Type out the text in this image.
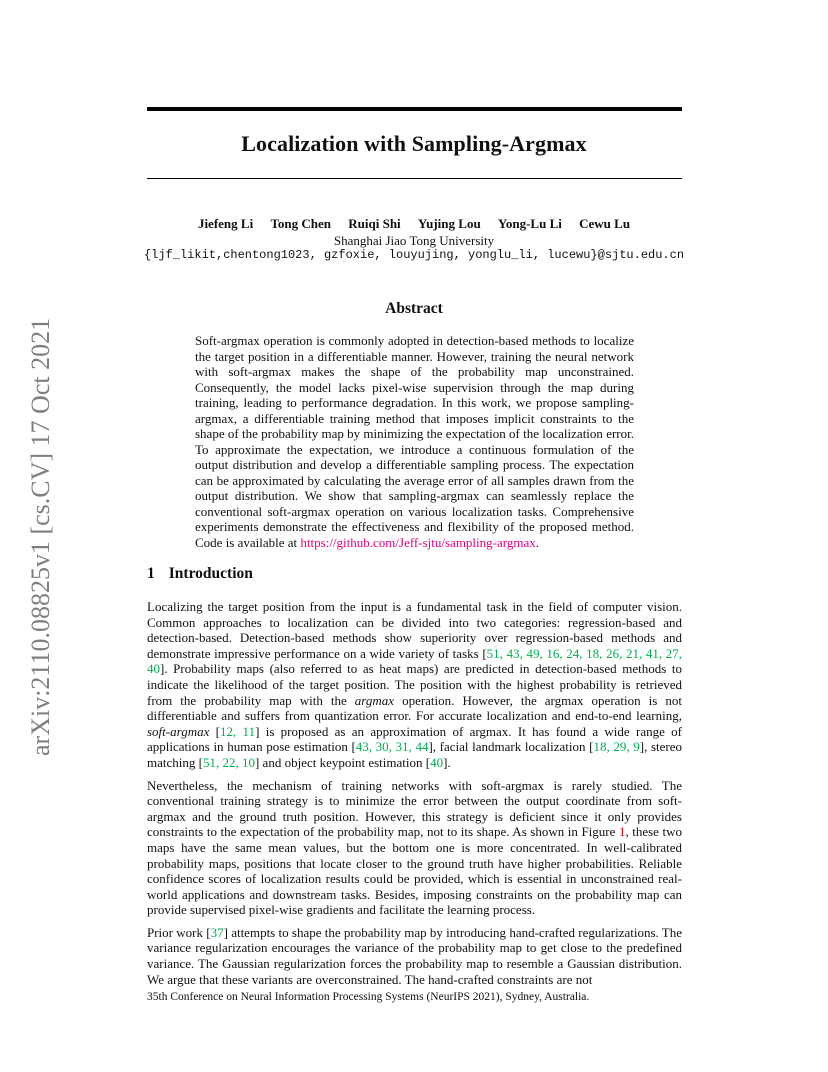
Localization with Sampling-Argmax
Jiefeng Li Tong Chen Ruiqi Shi Yujing Lou Yong-Lu Li Cewu Lu
Shanghai Jiao Tong University
{ljf_likit,chentong1023, gzfoxie, louyujing, yonglu_li, lucewu}@sjtu.edu.cn
arXiv:2110.08825v1 [cs.CV] 17 Oct 2021
Abstract
Soft-argmax operation is commonly adopted in detection-based methods to localize the target position in a differentiable manner. However, training the neural network with soft-argmax makes the shape of the probability map unconstrained. Consequently, the model lacks pixel-wise supervision through the map during training, leading to performance degradation. In this work, we propose sampling-argmax, a differentiable training method that imposes implicit constraints to the shape of the probability map by minimizing the expectation of the localization error. To approximate the expectation, we introduce a continuous formulation of the output distribution and develop a differentiable sampling process. The expectation can be approximated by calculating the average error of all samples drawn from the output distribution. We show that sampling-argmax can seamlessly replace the conventional soft-argmax operation on various localization tasks. Comprehensive experiments demonstrate the effectiveness and flexibility of the proposed method. Code is available at https://github.com/Jeff-sjtu/sampling-argmax.
1 Introduction

Localizing the target position from the input is a fundamental task in the field of computer vision. Common approaches to localization can be divided into two categories: regression-based and detection-based. Detection-based methods show superiority over regression-based methods and demonstrate impressive performance on a wide variety of tasks [51, 43, 49, 16, 24, 18, 26, 21, 41, 27, 40]. Probability maps (also referred to as heat maps) are predicted in detection-based methods to indicate the likelihood of the target position. The position with the highest probability is retrieved from the probability map with the argmax operation. However, the argmax operation is not differentiable and suffers from quantization error. For accurate localization and end-to-end learning, soft-argmax [12, 11] is proposed as an approximation of argmax. It has found a wide range of applications in human pose estimation [43, 30, 31, 44], facial landmark localization [18, 29, 9], stereo matching [51, 22, 10] and object keypoint estimation [40].

Nevertheless, the mechanism of training networks with soft-argmax is rarely studied. The conventional training strategy is to minimize the error between the output coordinate from soft-argmax and the ground truth position. However, this strategy is deficient since it only provides constraints to the expectation of the probability map, not to its shape. As shown in Figure 1, these two maps have the same mean values, but the bottom one is more concentrated. In well-calibrated probability maps, positions that locate closer to the ground truth have higher probabilities. Reliable confidence scores of localization results could be provided, which is essential in unconstrained real-world applications and downstream tasks. Besides, imposing constraints on the probability map can provide supervised pixel-wise gradients and facilitate the learning process.

Prior work [37] attempts to shape the probability map by introducing hand-crafted regularizations. The variance regularization encourages the variance of the probability map to get close to the predefined variance. The Gaussian regularization forces the probability map to resemble a Gaussian distribution. We argue that these variants are overconstrained. The hand-crafted constraints are not

35th Conference on Neural Information Processing Systems (NeurIPS 2021), Sydney, Australia.
